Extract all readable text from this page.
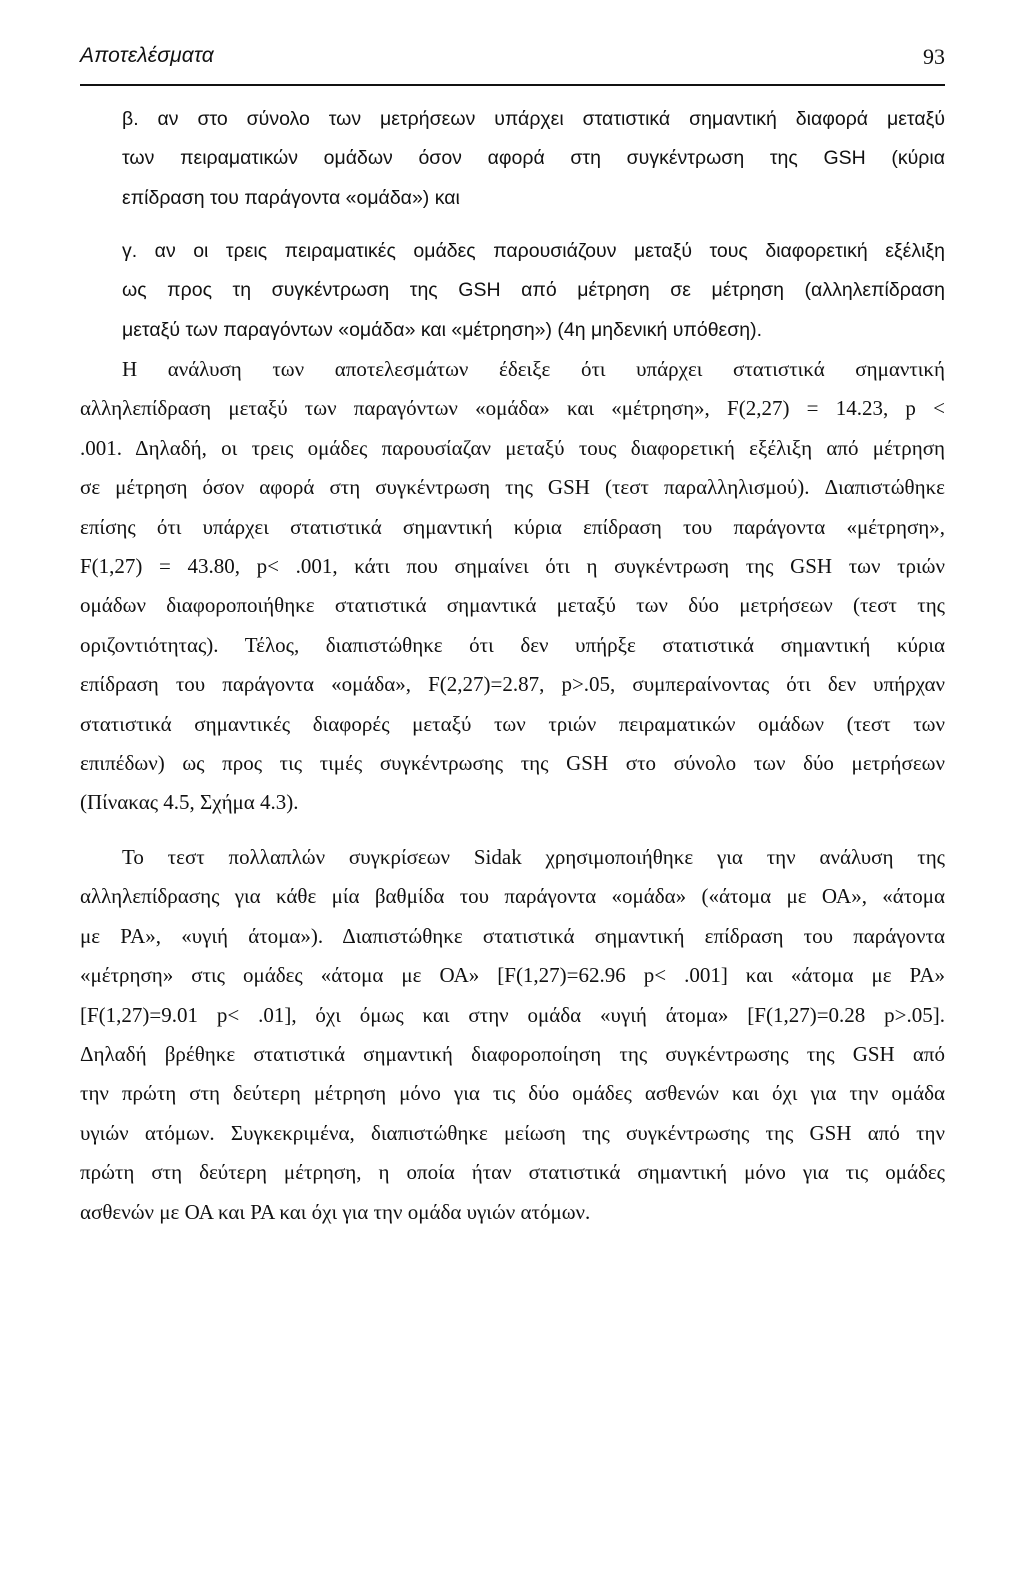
Αποτελέσματα	93
β. αν στο σύνολο των μετρήσεων υπάρχει στατιστικά σημαντική διαφορά μεταξύ
των πειραματικών ομάδων όσον αφορά στη συγκέντρωση της GSH (κύρια
επίδραση του παράγοντα «ομάδα») και
γ. αν οι τρεις πειραματικές ομάδες παρουσιάζουν μεταξύ τους διαφορετική εξέλιξη
ως προς τη συγκέντρωση της GSH από μέτρηση σε μέτρηση (αλληλεπίδραση
μεταξύ των παραγόντων «ομάδα» και «μέτρηση») (4η μηδενική υπόθεση).
Η ανάλυση των αποτελεσμάτων έδειξε ότι υπάρχει στατιστικά σημαντική
αλληλεπίδραση μεταξύ των παραγόντων «ομάδα» και «μέτρηση», F(2,27) = 14.23, p <
.001. Δηλαδή, οι τρεις ομάδες παρουσίαζαν μεταξύ τους διαφορετική εξέλιξη από μέτρηση
σε μέτρηση όσον αφορά στη συγκέντρωση της GSH (τεστ παραλληλισμού). Διαπιστώθηκε
επίσης ότι υπάρχει στατιστικά σημαντική κύρια επίδραση του παράγοντα «μέτρηση»,
F(1,27) = 43.80, p< .001, κάτι που σημαίνει ότι η συγκέντρωση της GSH των τριών
ομάδων διαφοροποιήθηκε στατιστικά σημαντικά μεταξύ των δύο μετρήσεων (τεστ της
οριζοντιότητας). Τέλος, διαπιστώθηκε ότι δεν υπήρξε στατιστικά σημαντική κύρια
επίδραση του παράγοντα «ομάδα», F(2,27)=2.87, p>.05, συμπεραίνοντας ότι δεν υπήρχαν
στατιστικά σημαντικές διαφορές μεταξύ των τριών πειραματικών ομάδων (τεστ των
επιπέδων) ως προς τις τιμές συγκέντρωσης της GSH στο σύνολο των δύο μετρήσεων
(Πίνακας 4.5, Σχήμα 4.3).
Το τεστ πολλαπλών συγκρίσεων Sidak χρησιμοποιήθηκε για την ανάλυση της
αλληλεπίδρασης για κάθε μία βαθμίδα του παράγοντα «ομάδα» («άτομα με ΟΑ», «άτομα
με ΡΑ», «υγιή άτομα»). Διαπιστώθηκε στατιστικά σημαντική επίδραση του παράγοντα
«μέτρηση» στις ομάδες «άτομα με ΟΑ» [F(1,27)=62.96 p< .001] και «άτομα με ΡΑ»
[F(1,27)=9.01 p< .01], όχι όμως και στην ομάδα «υγιή άτομα» [F(1,27)=0.28 p>.05].
Δηλαδή βρέθηκε στατιστικά σημαντική διαφοροποίηση της συγκέντρωσης της GSH από
την πρώτη στη δεύτερη μέτρηση μόνο για τις δύο ομάδες ασθενών και όχι για την ομάδα
υγιών ατόμων. Συγκεκριμένα, διαπιστώθηκε μείωση της συγκέντρωσης της GSH από την
πρώτη στη δεύτερη μέτρηση, η οποία ήταν στατιστικά σημαντική μόνο για τις ομάδες
ασθενών με ΟΑ και ΡΑ και όχι για την ομάδα υγιών ατόμων.
